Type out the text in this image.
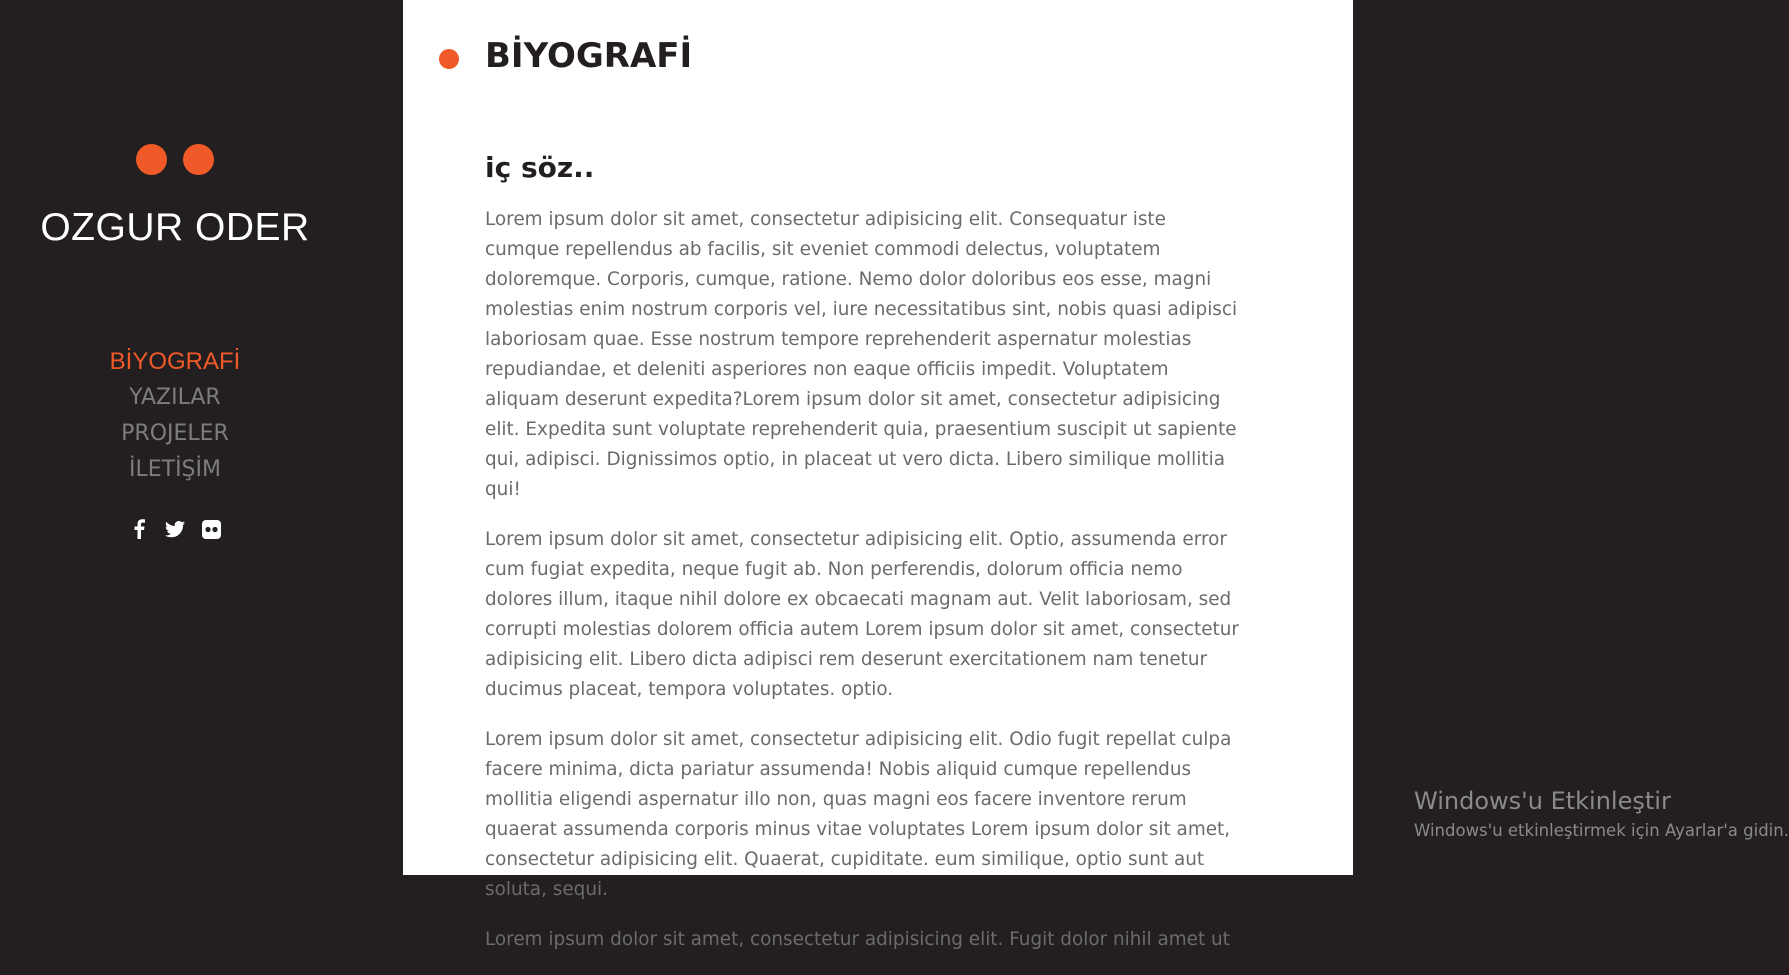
OZGUR ODER
BİYOGRAFİ
YAZILAR
PROJELER
İLETİŞİM
BİYOGRAFİ
iç söz..

Lorem ipsum dolor sit amet, consectetur adipisicing elit. Consequatur iste cumque repellendus ab facilis, sit eveniet commodi delectus, voluptatem doloremque. Corporis, cumque, ratione. Nemo dolor doloribus eos esse, magni molestias enim nostrum corporis vel, iure necessitatibus sint, nobis quasi adipisci laboriosam quae. Esse nostrum tempore reprehenderit aspernatur molestias repudiandae, et deleniti asperiores non eaque officiis impedit. Voluptatem aliquam deserunt expedita?Lorem ipsum dolor sit amet, consectetur adipisicing elit. Expedita sunt voluptate reprehenderit quia, praesentium suscipit ut sapiente qui, adipisci. Dignissimos optio, in placeat ut vero dicta. Libero similique mollitia qui!

Lorem ipsum dolor sit amet, consectetur adipisicing elit. Optio, assumenda error cum fugiat expedita, neque fugit ab. Non perferendis, dolorum officia nemo dolores illum, itaque nihil dolore ex obcaecati magnam aut. Velit laboriosam, sed corrupti molestias dolorem officia autem Lorem ipsum dolor sit amet, consectetur adipisicing elit. Libero dicta adipisci rem deserunt exercitationem nam tenetur ducimus placeat, tempora voluptates. optio.

Lorem ipsum dolor sit amet, consectetur adipisicing elit. Odio fugit repellat culpa facere minima, dicta pariatur assumenda! Nobis aliquid cumque repellendus mollitia eligendi aspernatur illo non, quas magni eos facere inventore rerum quaerat assumenda corporis minus vitae voluptates Lorem ipsum dolor sit amet, consectetur adipisicing elit. Quaerat, cupiditate. eum similique, optio sunt aut soluta, sequi.

Lorem ipsum dolor sit amet, consectetur adipisicing elit. Fugit dolor nihil amet ut

Windows'u Etkinleştir
Windows'u etkinleştirmek için Ayarlar'a gidin.
